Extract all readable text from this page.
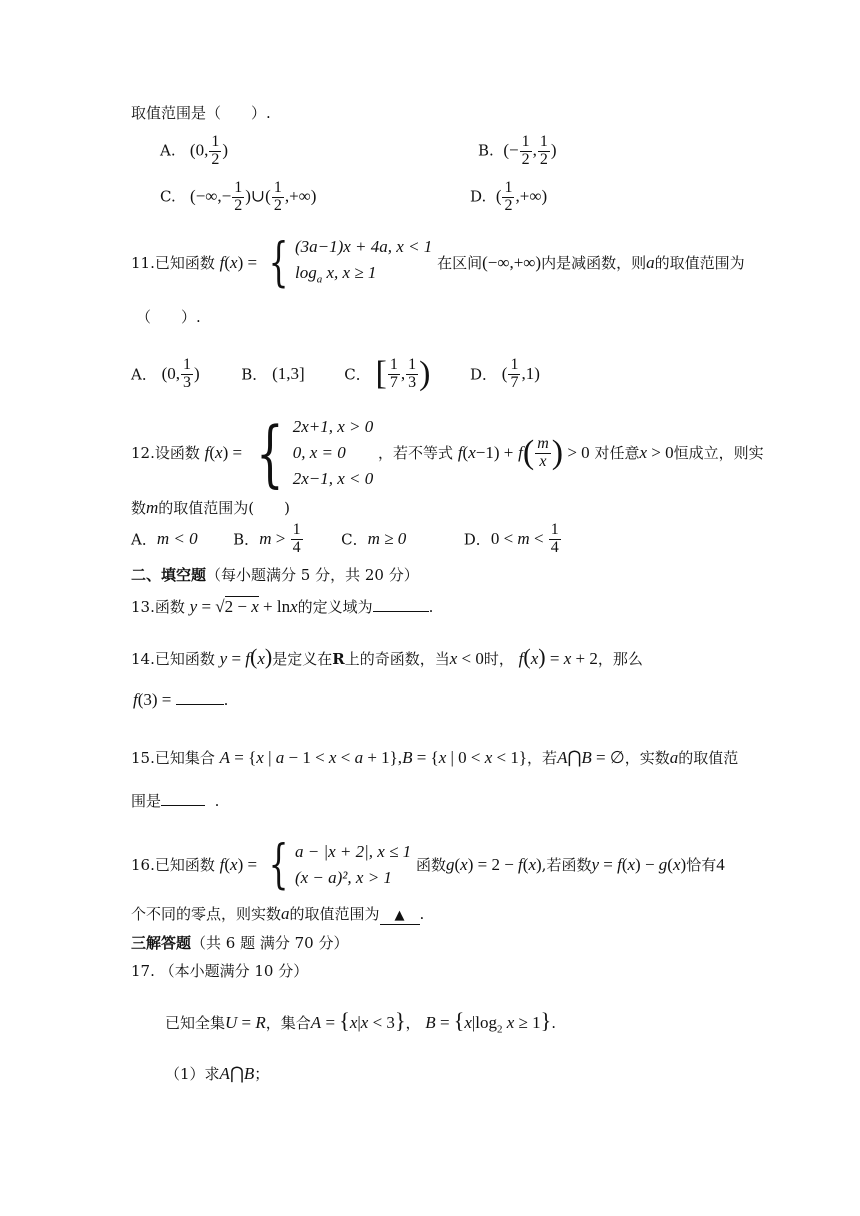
取值范围是（　　）.
A. (0, $\frac{1}{2}$ )	B. (− $\frac{1}{2}$ , $\frac{1}{2}$ )
C. (−∞,− $\frac{1}{2}$ )∪( $\frac{1}{2}$ ,+∞)	D. ( $\frac{1}{2}$ ,+∞)
11.已知函数 f(x) = { (3a−1)x + 4a, x < 1
$\log_a x$, x ≥ 1	在区间(−∞,+∞)内是减函数，则a的取值范围为
（　　）.
A． (0, $\frac{1}{3}$ )	B． (1,3]	C． [ $\frac{1}{7}$ , $\frac{1}{3}$ )	D． ( $\frac{1}{7} ,1$)
12.设函数 f(x) = { 2x+1, x > 0
0, x = 0
2x−1, x < 0
，若不等式 $f(x-1) + f( \frac{m}{x}$ ) > 0 对任意x > 0恒成立，则实
数m的取值范围为(　　)
A．m < 0 B．$m > \frac{1}{4}$	C．m ≥ 0	D．$0 < m < \frac{1}{4}$
二、填空题（每小题满分 5 分，共 20 分）
13.函数 y = √2 − x + lnx的定义域为	.
14.已知函数 y = f(x)是定义在R上的奇函数，当x < 0时， f(x) = x + 2，那么
f(3) =	.
15.已知集合 A = {x | a − 1 < x < a + 1},B = {x | 0 < x < 1}，若A⋂B = ∅，实数a的取值范
围是	.
16.已知函数 f(x) = { a − |x + 2|, x ≤ 1
(x − a)², x > 1
函数g(x) = 2 − f(x),若函数y = f(x) − g(x)恰有4
个不同的零点，则实数a的取值范围为 ▲ .
三解答题（共 6 题 满分 70 分）
17. （本小题满分 10 分）
已知全集U = R，集合A = {x|x < 3}， $B = \{x|\log_2$ x ≥ 1}.
（1）求A⋂B；
